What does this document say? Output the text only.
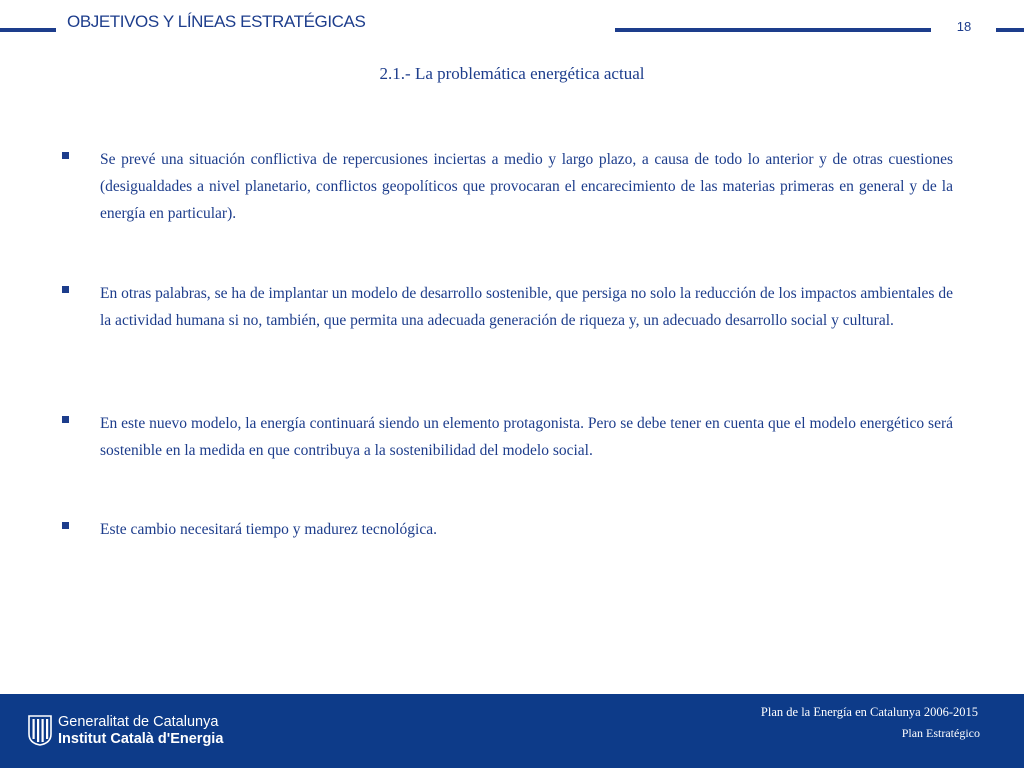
OBJETIVOS Y LÍNEAS ESTRATÉGICAS	18
2.1.- La problemática energética actual

Se prevé una situación conflictiva de repercusiones inciertas a medio y largo plazo, a causa de todo lo anterior y de otras cuestiones (desigualdades a nivel planetario, conflictos geopolíticos que provocaran el encarecimiento de las materias primeras en general y de la energía en particular).

En otras palabras, se ha de implantar un modelo de desarrollo sostenible, que persiga no solo la reducción de los impactos ambientales de la actividad humana si no, también, que permita una adecuada generación de riqueza y, un adecuado desarrollo social y cultural.

En este nuevo modelo, la energía continuará siendo un elemento protagonista. Pero se debe tener en cuenta que el modelo energético será sostenible en la medida en que contribuya a la sostenibilidad del modelo social.

Este cambio necesitará tiempo y madurez tecnológica.

Generalitat de Catalunya
Institut Català d'Energia
Plan de la Energía en Catalunya 2006-2015
Plan Estratégico
